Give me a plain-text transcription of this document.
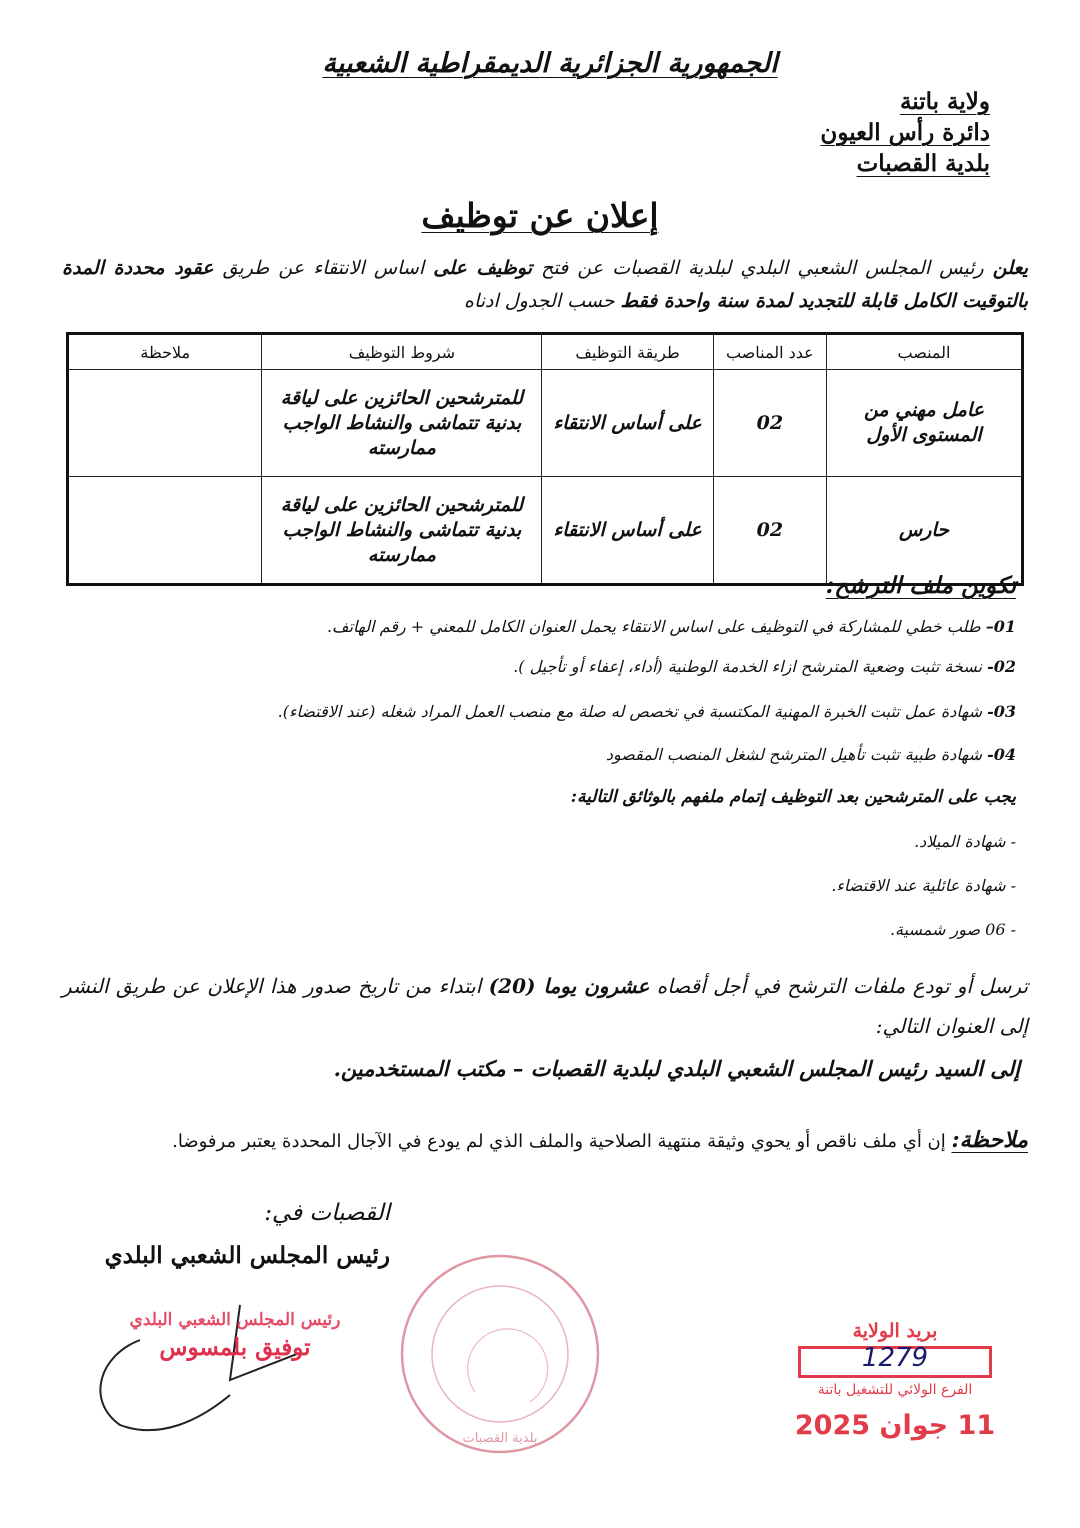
الجمهورية الجزائرية الديمقراطية الشعبية
ولاية باتنة
دائرة رأس العيون
بلدية القصبات
إعلان عن توظيف
يعلن رئيس المجلس الشعبي البلدي لبلدية القصبات عن فتح توظيف على اساس الانتقاء عن طريق عقود محددة المدة بالتوقيت الكامل قابلة للتجديد لمدة سنة واحدة فقط حسب الجدول ادناه
المنصب	عدد المناصب	طريقة التوظيف	شروط التوظيف	ملاحظة
عامل مهني من المستوى الأول	02	على أساس الانتقاء	للمترشحين الحائزين على لياقة بدنية تتماشى والنشاط الواجب ممارسته	
حارس	02	على أساس الانتقاء	للمترشحين الحائزين على لياقة بدنية تتماشى والنشاط الواجب ممارسته	
تكوين ملف الترشح:
01– طلب خطي للمشاركة في التوظيف على اساس الانتقاء يحمل العنوان الكامل للمعني + رقم الهاتف.
02- نسخة تثبت وضعية المترشح ازاء الخدمة الوطنية (أداء، إعفاء أو تأجيل ).
03- شهادة عمل تثبت الخبرة المهنية المكتسبة في تخصص له صلة مع منصب العمل المراد شغله (عند الاقتضاء).
04- شهادة طبية تثبت تأهيل المترشح لشغل المنصب المقصود
يجب على المترشحين بعد التوظيف إتمام ملفهم بالوثائق التالية:
- شهادة الميلاد.
- شهادة عائلية عند الاقتضاء.
- 06 صور شمسية.
ترسل أو تودع ملفات الترشح في أجل أقصاه عشرون يوما (20) ابتداء من تاريخ صدور هذا الإعلان عن طريق النشر إلى العنوان التالي:
إلى السيد رئيس المجلس الشعبي البلدي لبلدية القصبات – مكتب المستخدمين.
ملاحظة: إن أي ملف ناقص أو يحوي وثيقة منتهية الصلاحية والملف الذي لم يودع في الآجال المحددة يعتبر مرفوضا.
القصبات في:
رئيس المجلس الشعبي البلدي
رئيس المجلس الشعبي البلدي
توفيق بلمسوس
بلدية القصبات
بريد الولاية
1279
الفرع الولائي للتشغيل باتنة
11 جوان 2025
